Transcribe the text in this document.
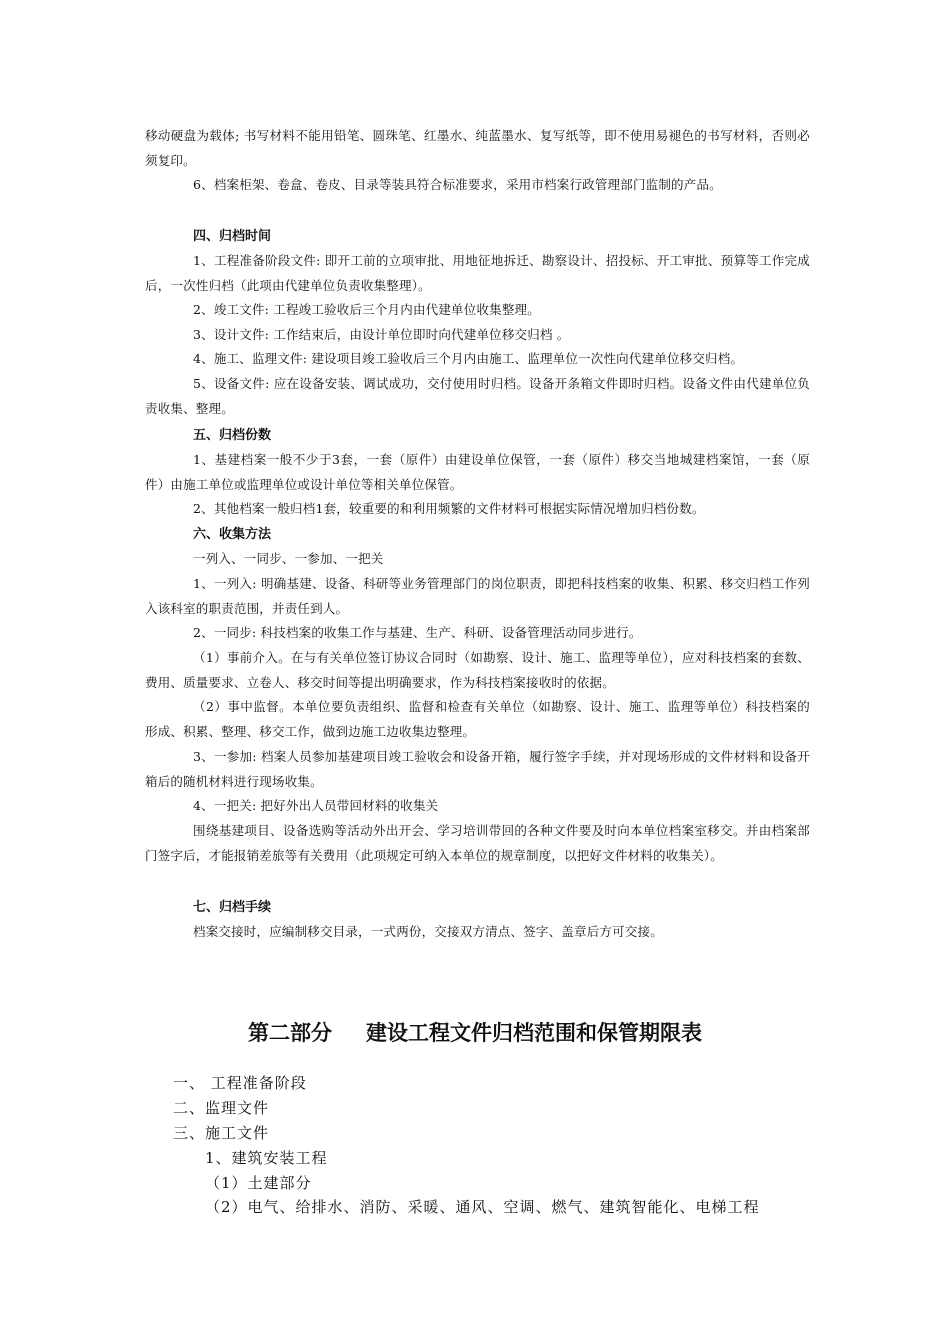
移动硬盘为载体; 书写材料不能用铅笔、圆珠笔、红墨水、纯蓝墨水、复写纸等，即不使用易褪色的书写材料，否则必须复印。
6、档案柜架、卷盒、卷皮、目录等装具符合标准要求，采用市档案行政管理部门监制的产品。
四、归档时间
1、工程准备阶段文件: 即开工前的立项审批、用地征地拆迁、勘察设计、招投标、开工审批、预算等工作完成后，一次性归档（此项由代建单位负责收集整理）。
2、竣工文件: 工程竣工验收后三个月内由代建单位收集整理。
3、设计文件: 工作结束后，由设计单位即时向代建单位移交归档 。
4、施工、监理文件: 建设项目竣工验收后三个月内由施工、监理单位一次性向代建单位移交归档。
5、设备文件: 应在设备安装、调试成功，交付使用时归档。设备开条箱文件即时归档。设备文件由代建单位负责收集、整理。
五、归档份数
1、基建档案一般不少于3套，一套（原件）由建设单位保管，一套（原件）移交当地城建档案馆，一套（原件）由施工单位或监理单位或设计单位等相关单位保管。
2、其他档案一般归档1套，较重要的和利用频繁的文件材料可根据实际情况增加归档份数。
六、收集方法
一列入、一同步、一参加、一把关
1、一列入: 明确基建、设备、科研等业务管理部门的岗位职责，即把科技档案的收集、积累、移交归档工作列入该科室的职责范围，并责任到人。
2、一同步: 科技档案的收集工作与基建、生产、科研、设备管理活动同步进行。
（1）事前介入。在与有关单位签订协议合同时（如勘察、设计、施工、监理等单位），应对科技档案的套数、费用、质量要求、立卷人、移交时间等提出明确要求，作为科技档案接收时的依据。
（2）事中监督。本单位要负责组织、监督和检查有关单位（如勘察、设计、施工、监理等单位）科技档案的形成、积累、整理、移交工作，做到边施工边收集边整理。
3、一参加: 档案人员参加基建项目竣工验收会和设备开箱，履行签字手续，并对现场形成的文件材料和设备开箱后的随机材料进行现场收集。
4、一把关: 把好外出人员带回材料的收集关
围绕基建项目、设备选购等活动外出开会、学习培训带回的各种文件要及时向本单位档案室移交。并由档案部门签字后，才能报销差旅等有关费用（此项规定可纳入本单位的规章制度，以把好文件材料的收集关）。
七、归档手续
档案交接时，应编制移交目录，一式两份，交接双方清点、签字、盖章后方可交接。
第二部分 建设工程文件归档范围和保管期限表
一、 工程准备阶段
二、监理文件
三、施工文件
1、建筑安装工程
（1）土建部分
（2）电气、给排水、消防、采暖、通风、空调、燃气、建筑智能化、电梯工程
